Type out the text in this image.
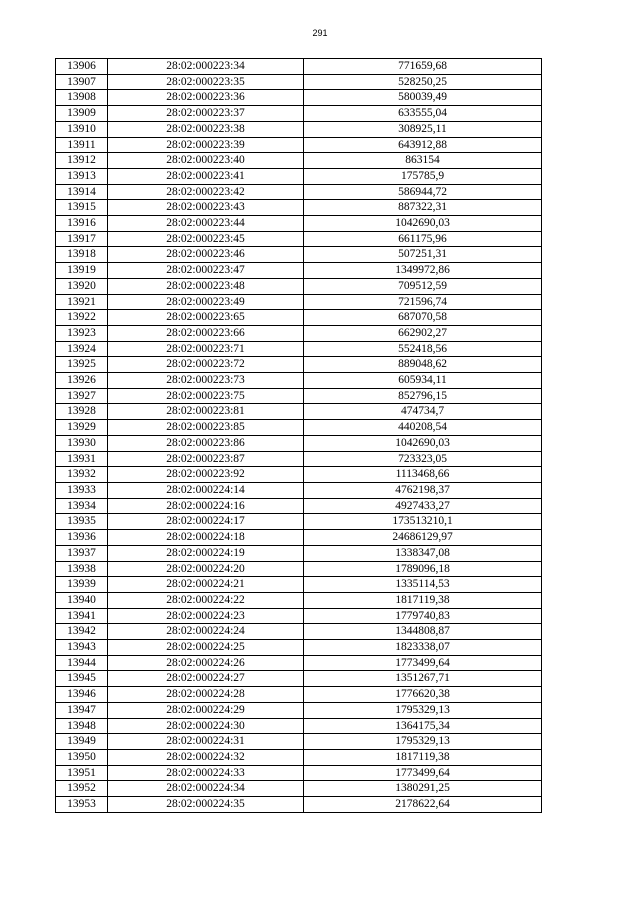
291
13906	28:02:000223:34	771659,68
13907	28:02:000223:35	528250,25
13908	28:02:000223:36	580039,49
13909	28:02:000223:37	633555,04
13910	28:02:000223:38	308925,11
13911	28:02:000223:39	643912,88
13912	28:02:000223:40	863154
13913	28:02:000223:41	175785,9
13914	28:02:000223:42	586944,72
13915	28:02:000223:43	887322,31
13916	28:02:000223:44	1042690,03
13917	28:02:000223:45	661175,96
13918	28:02:000223:46	507251,31
13919	28:02:000223:47	1349972,86
13920	28:02:000223:48	709512,59
13921	28:02:000223:49	721596,74
13922	28:02:000223:65	687070,58
13923	28:02:000223:66	662902,27
13924	28:02:000223:71	552418,56
13925	28:02:000223:72	889048,62
13926	28:02:000223:73	605934,11
13927	28:02:000223:75	852796,15
13928	28:02:000223:81	474734,7
13929	28:02:000223:85	440208,54
13930	28:02:000223:86	1042690,03
13931	28:02:000223:87	723323,05
13932	28:02:000223:92	1113468,66
13933	28:02:000224:14	4762198,37
13934	28:02:000224:16	4927433,27
13935	28:02:000224:17	173513210,1
13936	28:02:000224:18	24686129,97
13937	28:02:000224:19	1338347,08
13938	28:02:000224:20	1789096,18
13939	28:02:000224:21	1335114,53
13940	28:02:000224:22	1817119,38
13941	28:02:000224:23	1779740,83
13942	28:02:000224:24	1344808,87
13943	28:02:000224:25	1823338,07
13944	28:02:000224:26	1773499,64
13945	28:02:000224:27	1351267,71
13946	28:02:000224:28	1776620,38
13947	28:02:000224:29	1795329,13
13948	28:02:000224:30	1364175,34
13949	28:02:000224:31	1795329,13
13950	28:02:000224:32	1817119,38
13951	28:02:000224:33	1773499,64
13952	28:02:000224:34	1380291,25
13953	28:02:000224:35	2178622,64
